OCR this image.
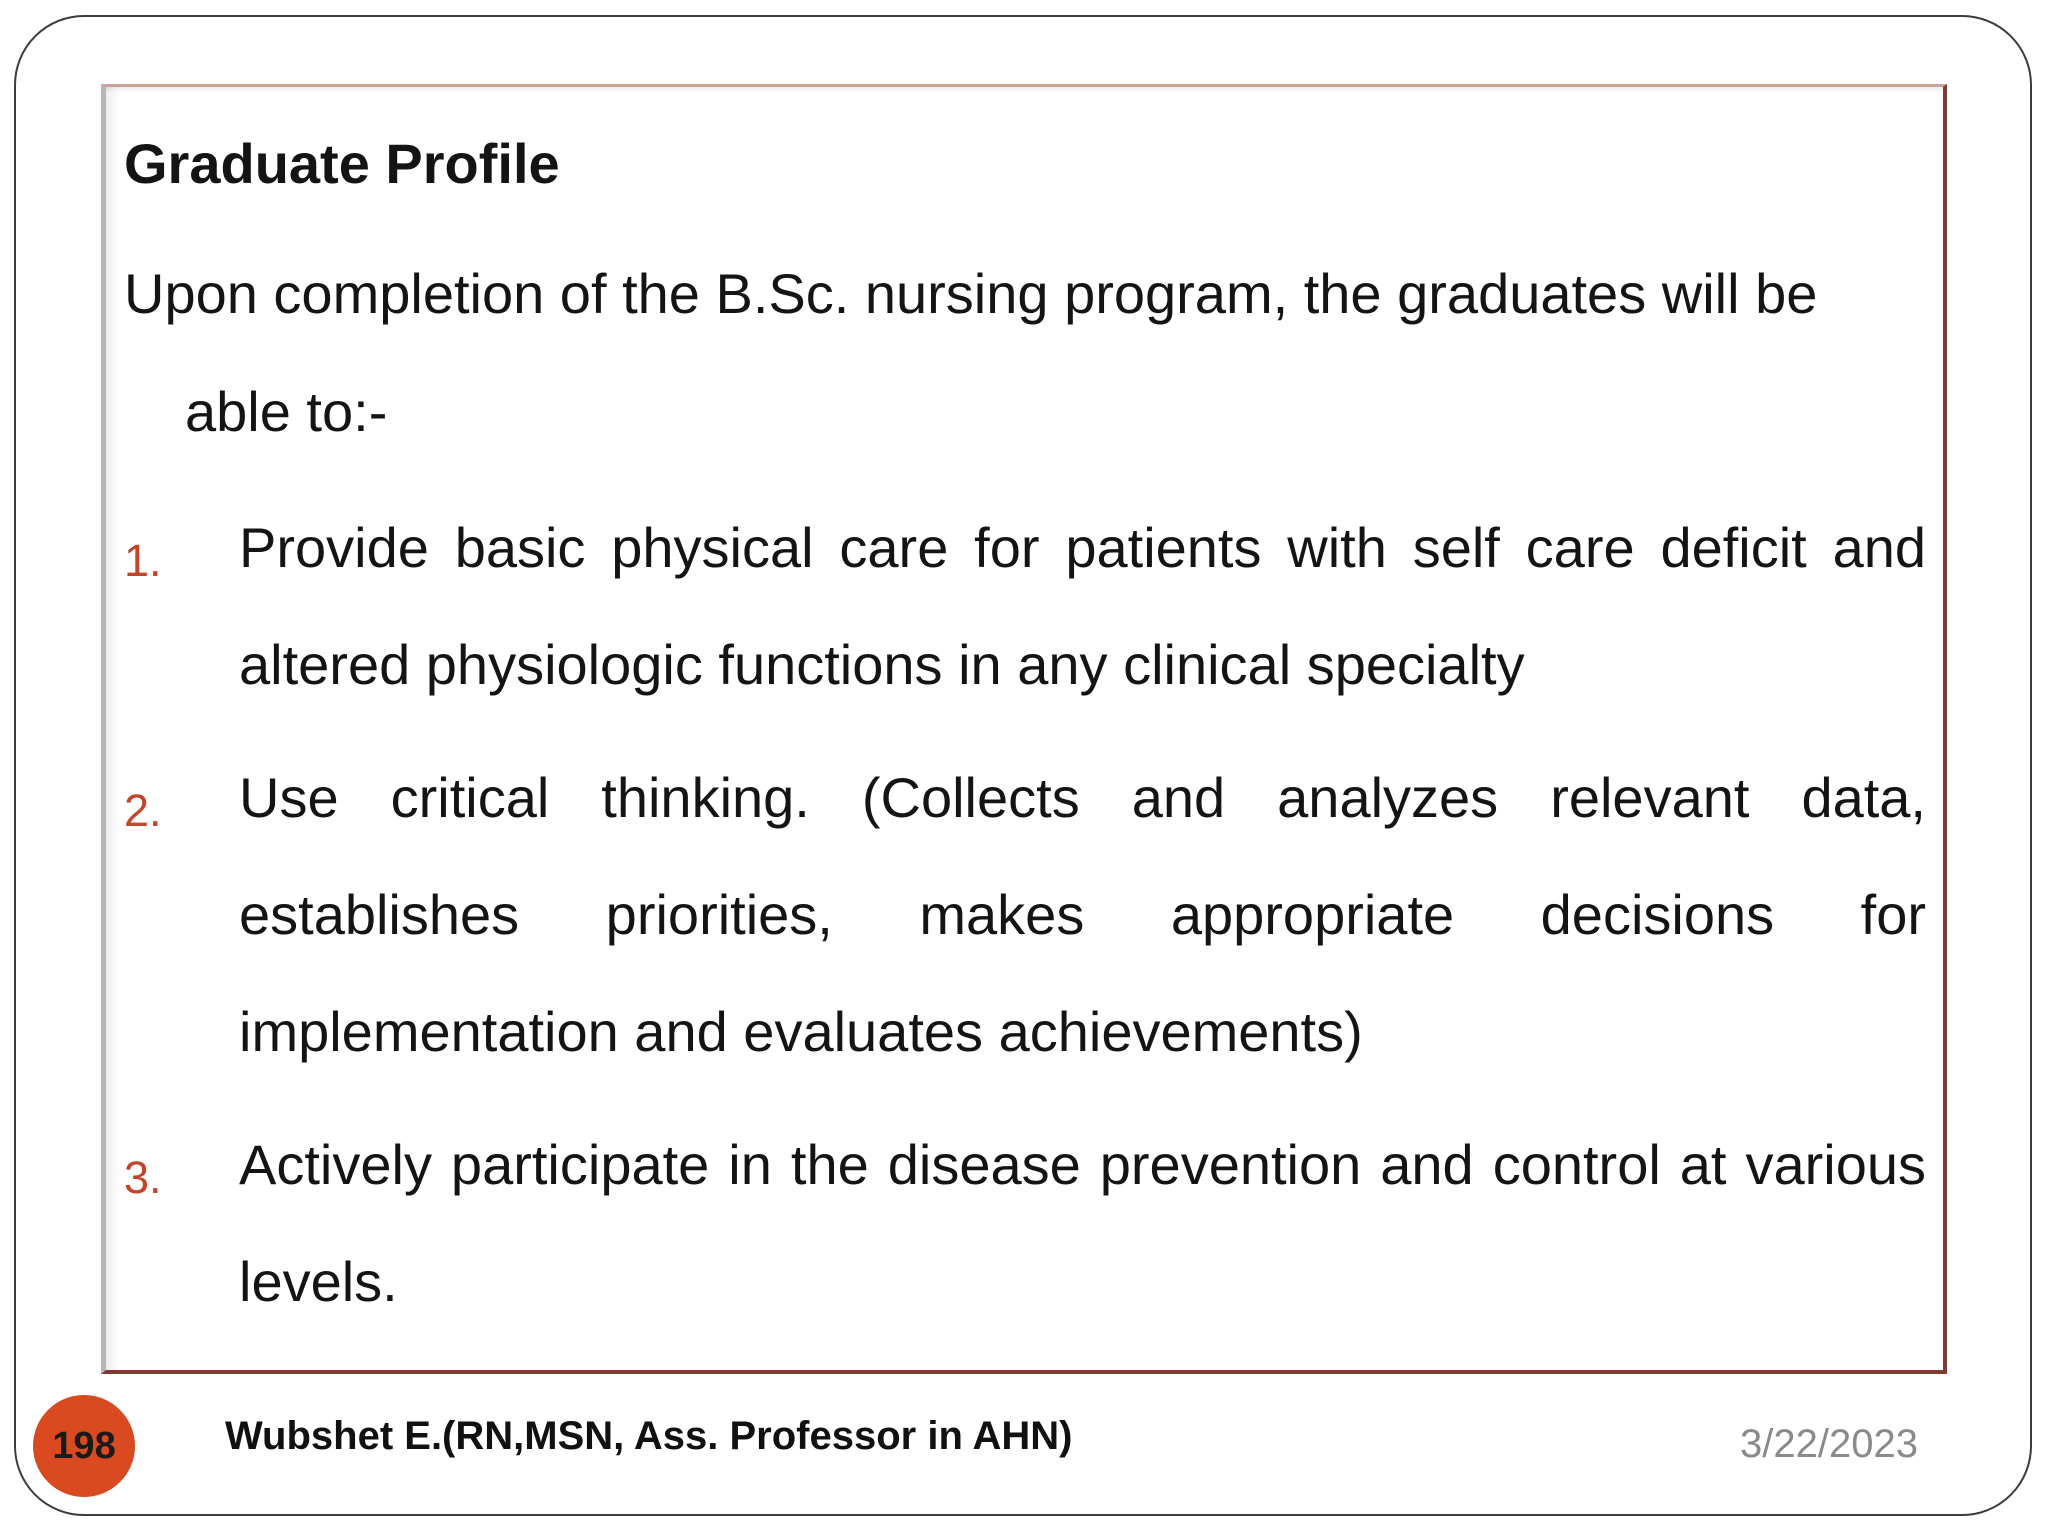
Graduate Profile
Upon completion of the B.Sc. nursing program, the graduates will be
able to:-
1. Provide basic physical care for patients with self care deficit and altered physiologic functions in any clinical specialty
2. Use critical thinking. (Collects and analyzes relevant data, establishes priorities, makes appropriate decisions for implementation and evaluates achievements)
3. Actively participate in the disease prevention and control at various levels.
198	Wubshet E.(RN,MSN, Ass. Professor in AHN)	3/22/2023
